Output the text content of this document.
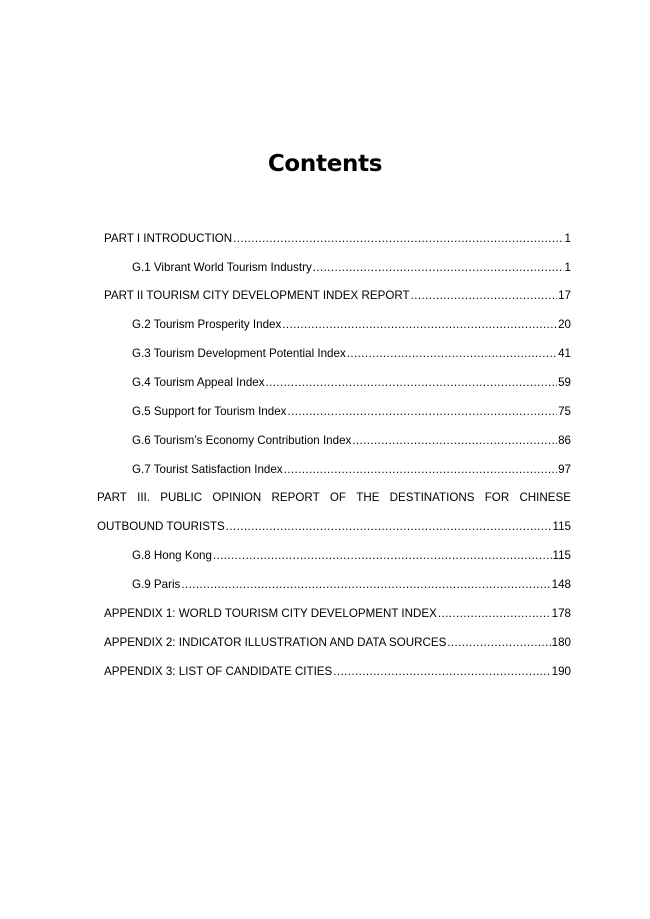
Contents
PART I INTRODUCTION .....	1
G.1 Vibrant World Tourism Industry .....	1
PART II TOURISM CITY DEVELOPMENT INDEX REPORT .....	17
G.2 Tourism Prosperity Index .....	20
G.3 Tourism Development Potential Index .....	41
G.4 Tourism Appeal Index .....	59
G.5 Support for Tourism Index .....	75
G.6 Tourism’s Economy Contribution Index .....	86
G.7 Tourist Satisfaction Index .....	97
PART III. PUBLIC OPINION REPORT OF THE DESTINATIONS FOR CHINESE
OUTBOUND TOURISTS .....	115
G.8 Hong Kong .....	115
G.9 Paris .....	148
APPENDIX 1: WORLD TOURISM CITY DEVELOPMENT INDEX .....	178
APPENDIX 2: INDICATOR ILLUSTRATION AND DATA SOURCES .....	180
APPENDIX 3: LIST OF CANDIDATE CITIES .....	190
